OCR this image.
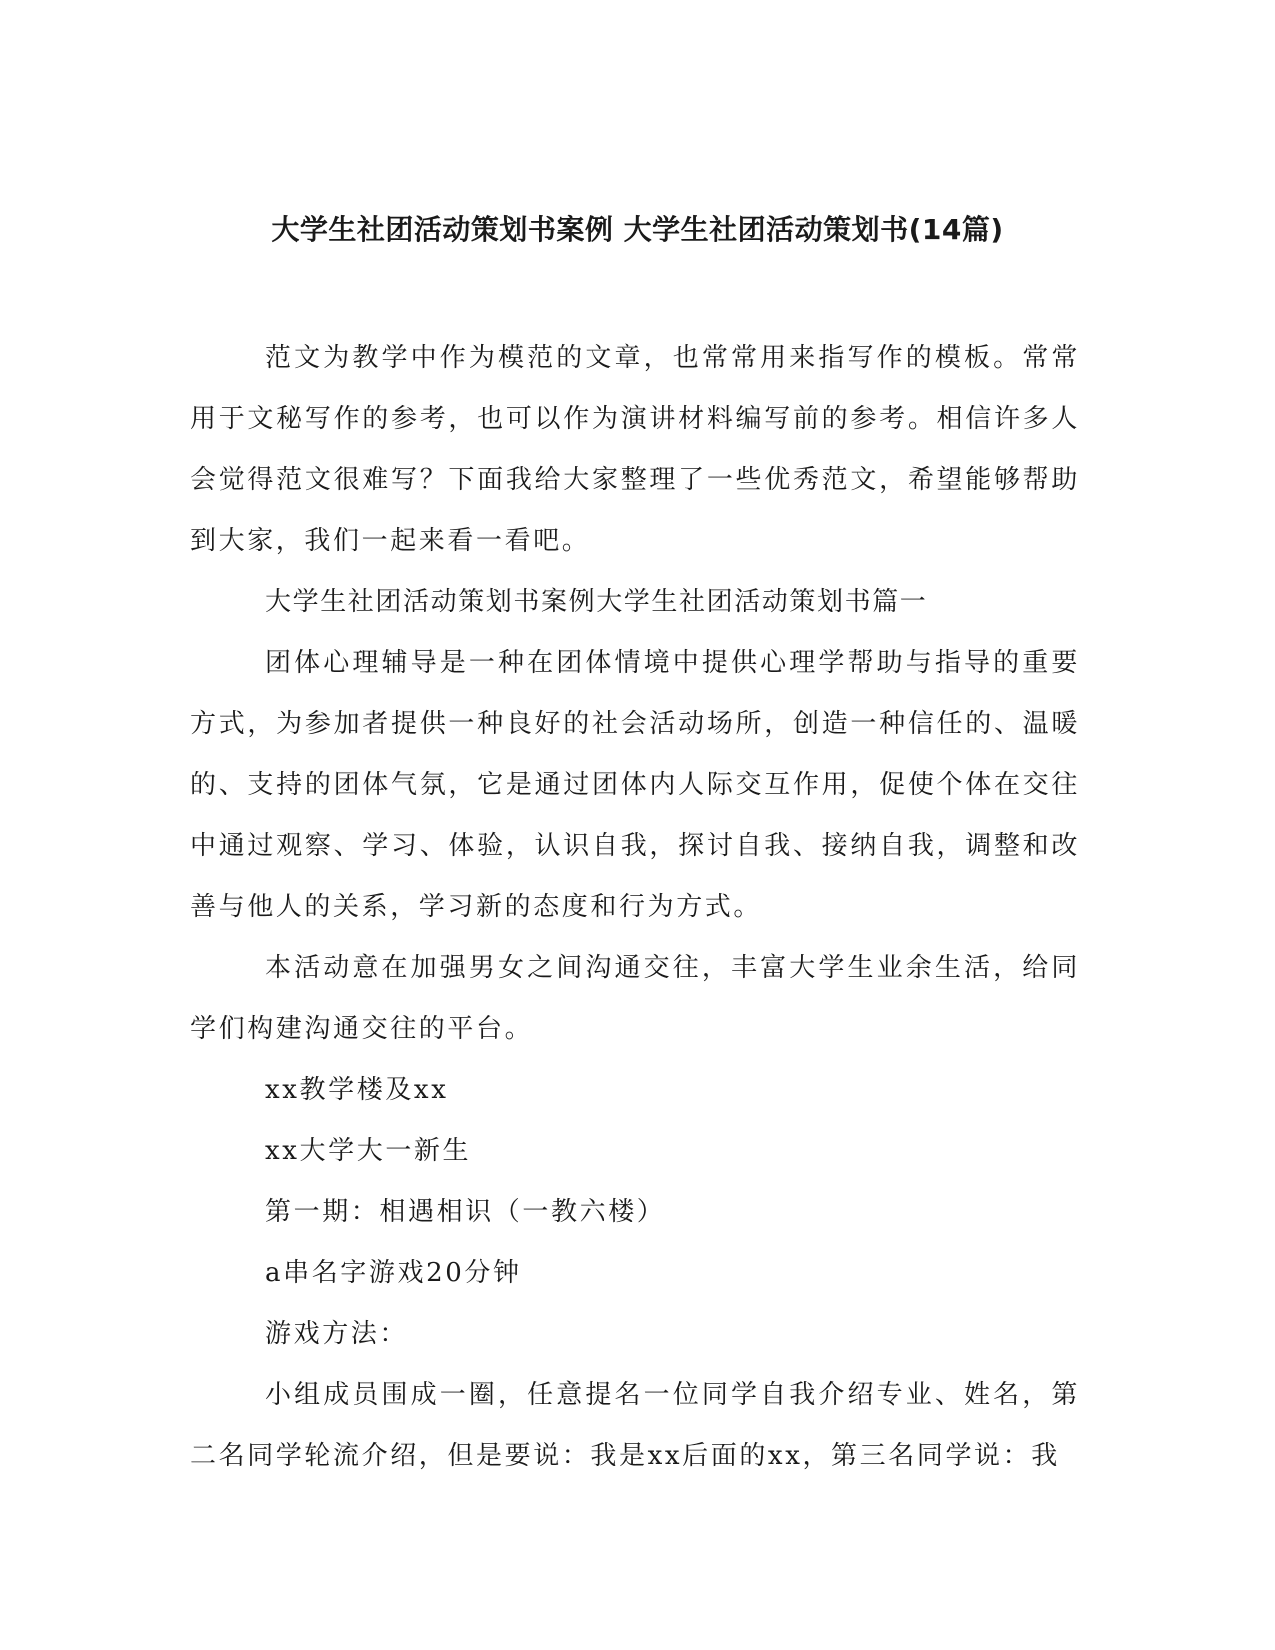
大学生社团活动策划书案例 大学生社团活动策划书(14篇)

范文为教学中作为模范的文章，也常常用来指写作的模板。常常用于文秘写作的参考，也可以作为演讲材料编写前的参考。相信许多人会觉得范文很难写？下面我给大家整理了一些优秀范文，希望能够帮助到大家，我们一起来看一看吧。

大学生社团活动策划书案例大学生社团活动策划书篇一

团体心理辅导是一种在团体情境中提供心理学帮助与指导的重要方式，为参加者提供一种良好的社会活动场所，创造一种信任的、温暖的、支持的团体气氛，它是通过团体内人际交互作用，促使个体在交往中通过观察、学习、体验，认识自我，探讨自我、接纳自我，调整和改善与他人的关系，学习新的态度和行为方式。

本活动意在加强男女之间沟通交往，丰富大学生业余生活，给同学们构建沟通交往的平台。

xx教学楼及xx

xx大学大一新生

第一期：相遇相识（一教六楼）

a串名字游戏20分钟

游戏方法：

小组成员围成一圈，任意提名一位同学自我介绍专业、姓名，第二名同学轮流介绍，但是要说：我是xx后面的xx，第三名同学说：我
